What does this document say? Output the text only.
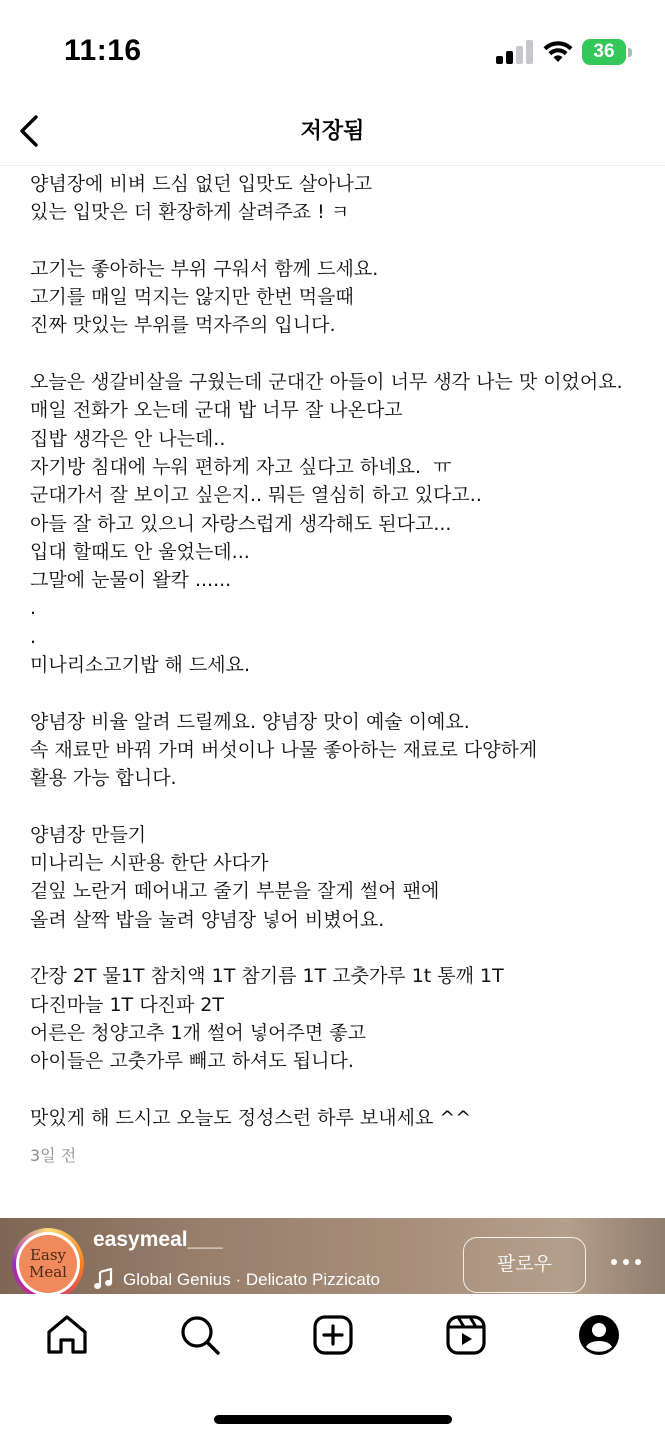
11:16	36
저장됨
양념장에 비벼 드심 없던 입맛도 살아나고
있는 입맛은 더 환장하게 살려주죠 ! ㅋ
고기는 좋아하는 부위 구워서 함께 드세요.
고기를 매일 먹지는 않지만 한번 먹을때
진짜 맛있는 부위를 먹자주의 입니다.
오늘은 생갈비살을 구웠는데 군대간 아들이 너무 생각 나는 맛 이었어요.
매일 전화가 오는데 군대 밥 너무 잘 나온다고
집밥 생각은 안 나는데..
자기방 침대에 누워 편하게 자고 싶다고 하네요.  ㅠ
군대가서 잘 보이고 싶은지.. 뭐든 열심히 하고 있다고..
아들 잘 하고 있으니 자랑스럽게 생각해도 된다고...
입대 할때도 안 울었는데...
그말에 눈물이 왈칵 ......
.
.
미나리소고기밥 해 드세요.
양념장 비율 알려 드릴께요. 양념장 맛이 예술 이예요.
속 재료만 바꿔 가며 버섯이나 나물 좋아하는 재료로 다양하게
활용 가능 합니다.
양념장 만들기
미나리는 시판용 한단 사다가
겉잎 노란거 떼어내고 줄기 부분을 잘게 썰어 팬에
올려 살짝 밥을 눌려 양념장 넣어 비볐어요.
간장 2T 물1T 참치액 1T 참기름 1T 고춧가루 1t 통깨 1T
다진마늘 1T 다진파 2T
어른은 청양고추 1개 썰어 넣어주면 좋고
아이들은 고춧가루 빼고 하셔도 됩니다.
맛있게 해 드시고 오늘도 정성스런 하루 보내세요 ^^
3일 전
Easy
Meal
easymeal___
Global Genius · Delicato Pizzicato
팔로우
